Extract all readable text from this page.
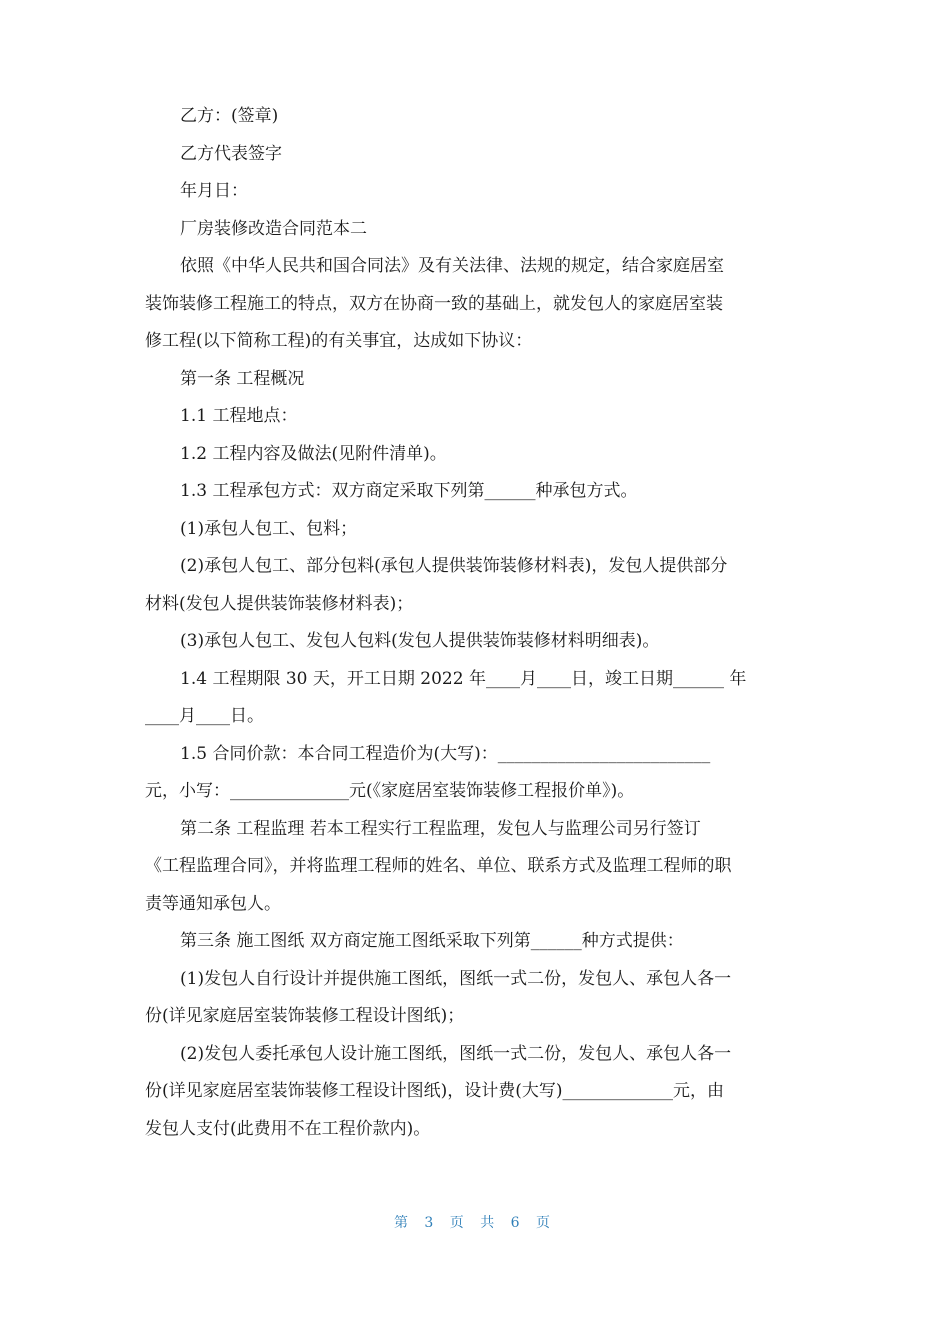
乙方：(签章)
乙方代表签字
年月日：
厂房装修改造合同范本二
依照《中华人民共和国合同法》及有关法律、法规的规定，结合家庭居室
装饰装修工程施工的特点，双方在协商一致的基础上，就发包人的家庭居室装
修工程(以下简称工程)的有关事宜，达成如下协议：
第一条 工程概况
1.1 工程地点：
1.2 工程内容及做法(见附件清单)。
1.3 工程承包方式：双方商定采取下列第______种承包方式。
(1)承包人包工、包料；
(2)承包人包工、部分包料(承包人提供装饰装修材料表)，发包人提供部分
材料(发包人提供装饰装修材料表)；
(3)承包人包工、发包人包料(发包人提供装饰装修材料明细表)。
1.4 工程期限 30 天，开工日期 2022 年____月____日，竣工日期______ 年
____月____日。
1.5 合同价款：本合同工程造价为(大写)：_________________________
元，小写：______________元(《家庭居室装饰装修工程报价单》)。
第二条 工程监理 若本工程实行工程监理，发包人与监理公司另行签订
《工程监理合同》，并将监理工程师的姓名、单位、联系方式及监理工程师的职
责等通知承包人。
第三条 施工图纸 双方商定施工图纸采取下列第______种方式提供：
(1)发包人自行设计并提供施工图纸，图纸一式二份，发包人、承包人各一
份(详见家庭居室装饰装修工程设计图纸)；
(2)发包人委托承包人设计施工图纸，图纸一式二份，发包人、承包人各一
份(详见家庭居室装饰装修工程设计图纸)，设计费(大写)_____________元，由
发包人支付(此费用不在工程价款内)。
第 3 页 共 6 页
